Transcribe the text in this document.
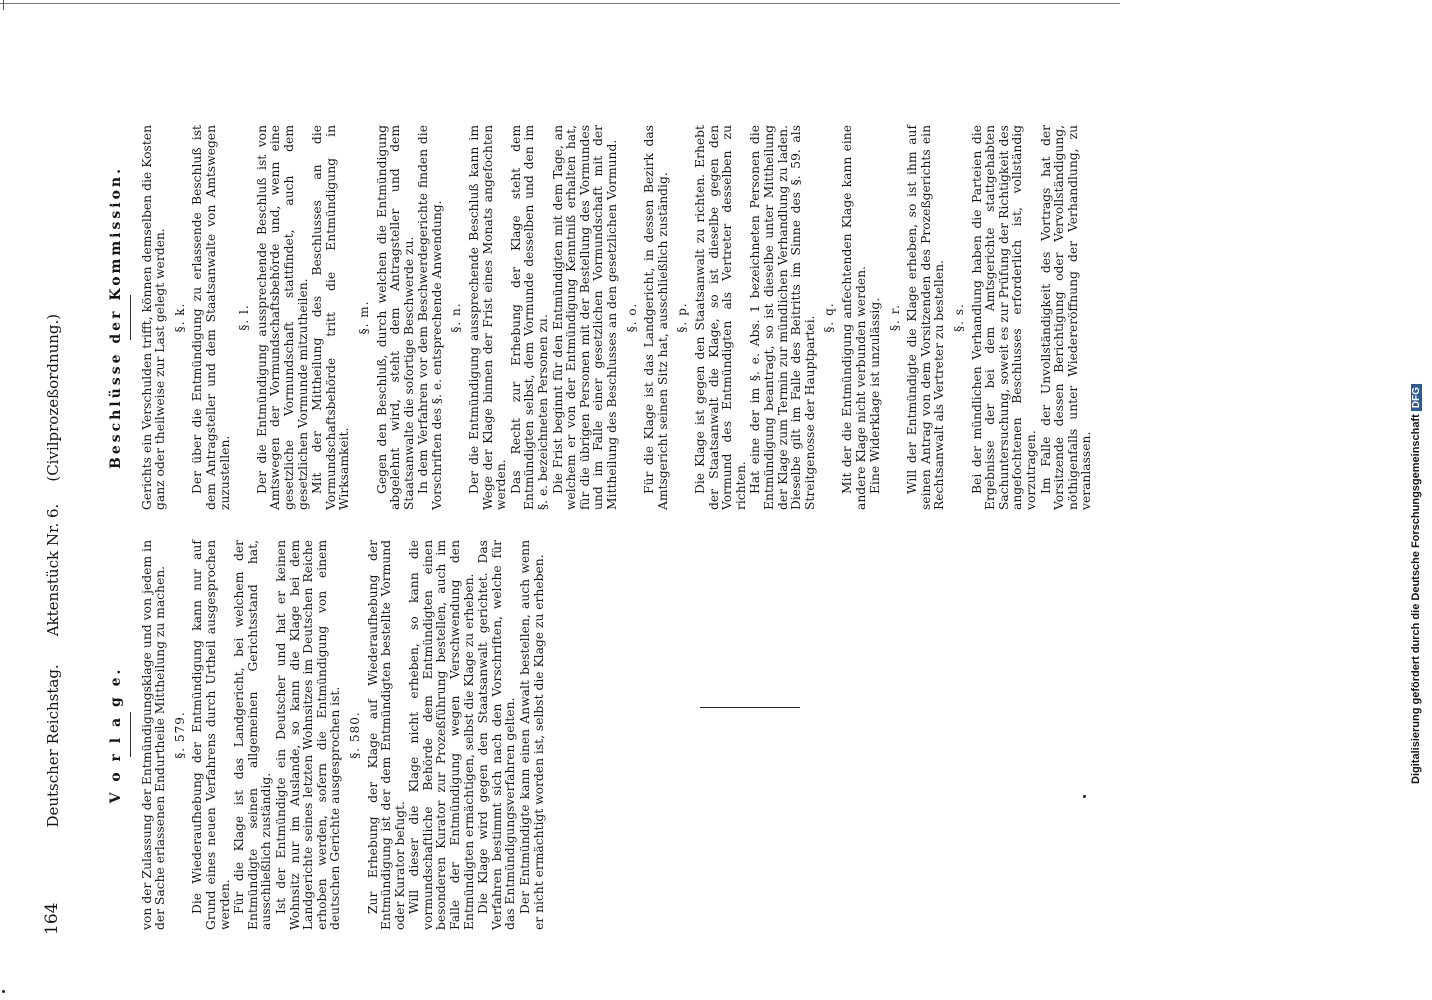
164
Deutscher Reichstag.
Aktenstück Nr. 6.
(Civilprozeßordnung.)
V o r l a g e. von der Zulassung der Entmündigungsklage und von jedem in der Sache erlassenen Endurtheile Mittheilung zu machen. §. 579. Die Wiederaufhebung der Entmündigung kann nur auf Grund eines neuen Verfahrens durch Urtheil ausgesprochen werden. Für die Klage ist das Landgericht, bei welchem der Entmündigte seinen allgemeinen Gerichtsstand hat, ausschließlich zuständig. Ist der Entmündigte ein Deutscher und hat er keinen Wohnsitz nur im Auslande, so kann die Klage bei dem Landgerichte seines letzten Wohnsitzes im Deutschen Reiche erhoben werden, sofern die Entmündigung von einem deutschen Gerichte ausgesprochen ist. §. 580. Zur Erhebung der Klage auf Wiederaufhebung der Entmündigung ist der dem Entmündigten bestellte Vormund oder Kurator befugt. Will dieser die Klage nicht erheben, so kann die vormundschaftliche Behörde dem Entmündigten einen besonderen Kurator zur Prozeßführung bestellen, auch im Falle der Entmündigung wegen Verschwendung den Entmündigten ermächtigen, selbst die Klage zu erheben. Die Klage wird gegen den Staatsanwalt gerichtet. Das Verfahren bestimmt sich nach den Vorschriften, welche für das Entmündigungsverfahren gelten. Der Entmündigte kann einen Anwalt bestellen, auch wenn er nicht ermächtigt worden ist, selbst die Klage zu erheben.

Beschlüsse der Kommission. Gerichts ein Verschulden trifft, können demselben die Kosten ganz oder theilweise zur Last gelegt werden. §. k. Der über die Entmündigung zu erlassende Beschluß ist dem Antragsteller und dem Staatsanwalte von Amtswegen zuzustellen.

§. l. Der die Entmündigung aussprechende Beschluß ist von Amtswegen der Vormundschaftsbehörde und, wenn eine gesetzliche Vormundschaft stattfindet, auch dem gesetzlichen Vormunde mitzutheilen. Mit der Mittheilung des Beschlusses an die Vormundschaftsbehörde tritt die Entmündigung in Wirksamkeit.

§. m. Gegen den Beschluß, durch welchen die Entmündigung abgelehnt wird, steht dem Antragsteller und dem Staatsanwalte die sofortige Beschwerde zu. In dem Verfahren vor dem Beschwerdegerichte finden die Vorschriften des §. e. entsprechende Anwendung. §. n. Der die Entmündigung aussprechende Beschluß kann im Wege der Klage binnen der Frist eines Monats angefochten werden. Das Recht zur Erhebung der Klage steht dem Entmündigten selbst, dem Vormunde desselben und den im §. e. bezeichneten Personen zu. Die Frist beginnt für den Entmündigten mit dem Tage, an welchem er von der Entmündigung Kenntniß erhalten hat, für die übrigen Personen mit der Bestellung des Vormundes und im Falle einer gesetzlichen Vormundschaft mit der Mittheilung des Beschlusses an den gesetzlichen Vormund. §. o. Für die Klage ist das Landgericht, in dessen Bezirk das Amtsgericht seinen Sitz hat, ausschließlich zuständig. §. p. Die Klage ist gegen den Staatsanwalt zu richten. Erhebt der Staatsanwalt die Klage, so ist dieselbe gegen den Vormund des Entmündigten als Vertreter desselben zu richten. Hat eine der im §. e. Abs. 1 bezeichneten Personen die Entmündigung beantragt, so ist dieselbe unter Mittheilung der Klage zum Termin zur mündlichen Verhandlung zu laden. Dieselbe gilt im Falle des Beitritts im Sinne des §. 59. als Streitgenosse der Hauptpartei. §. q. Mit der die Entmündigung anfechtenden Klage kann eine andere Klage nicht verbunden werden. Eine Widerklage ist unzulässig. §. r. Will der Entmündigte die Klage erheben, so ist ihm auf seinen Antrag von dem Vorsitzenden des Prozeßgerichts ein Rechtsanwalt als Vertreter zu bestellen. §. s. Bei der mündlichen Verhandlung haben die Parteien die Ergebnisse der bei dem Amtsgerichte stattgehabten Sachuntersuchung, soweit es zur Prüfung der Richtigkeit des angefochtenen Beschlusses erforderlich ist, vollständig vorzutragen. Im Falle der Unvollständigkeit des Vortrags hat der Vorsitzende dessen Berichtigung oder Vervollständigung, nöthigenfalls unter Wiedereröffnung der Verhandlung, zu veranlassen.	Digitalisierung gefördert durch die Deutsche Forschungsgemeinschaft DFG
